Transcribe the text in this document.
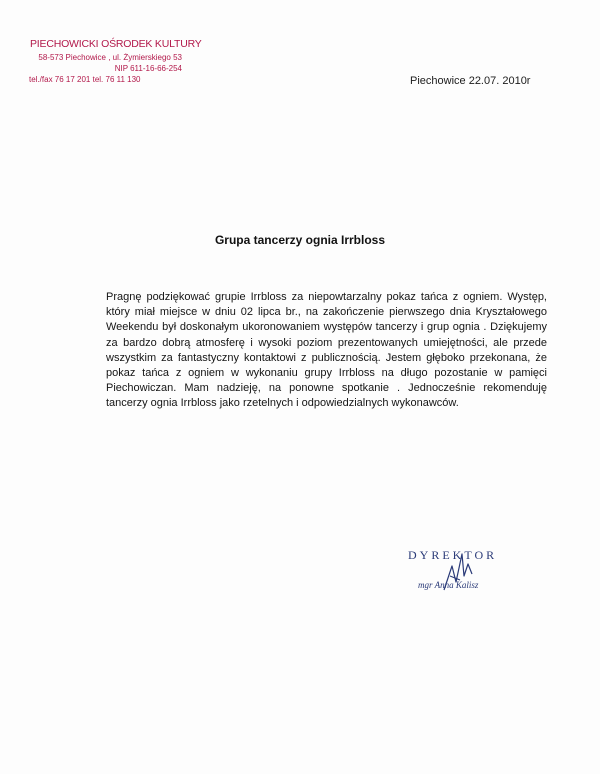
PIECHOWICKI OŚRODEK KULTURY
58-573 Piechowice , ul. Żymierskiego 53
NIP 611-16-66-254
tel./fax 76 17 201 tel. 76 11 130	Piechowice 22.07. 2010r
Grupa tancerzy ognia Irrbloss

Pragnę podziękować grupie Irrbloss za niepowtarzalny pokaz tańca z ogniem. Występ, który miał miejsce w dniu 02 lipca br., na zakończenie pierwszego dnia Kryształowego Weekendu był doskonałym ukoronowaniem występów tancerzy i grup ognia . Dziękujemy za bardzo dobrą atmosferę i wysoki poziom prezentowanych umiejętności, ale przede wszystkim za fantastyczny kontaktowi z publicznością. Jestem głęboko przekonana, że pokaz tańca z ogniem w wykonaniu grupy Irrbloss na długo pozostanie w pamięci Piechowiczan. Mam nadzieję, na ponowne spotkanie . Jednocześnie rekomenduję tancerzy ognia Irrbloss jako rzetelnych i odpowiedzialnych wykonawców.

DYREKTOR
mgr Anna Kalisz
